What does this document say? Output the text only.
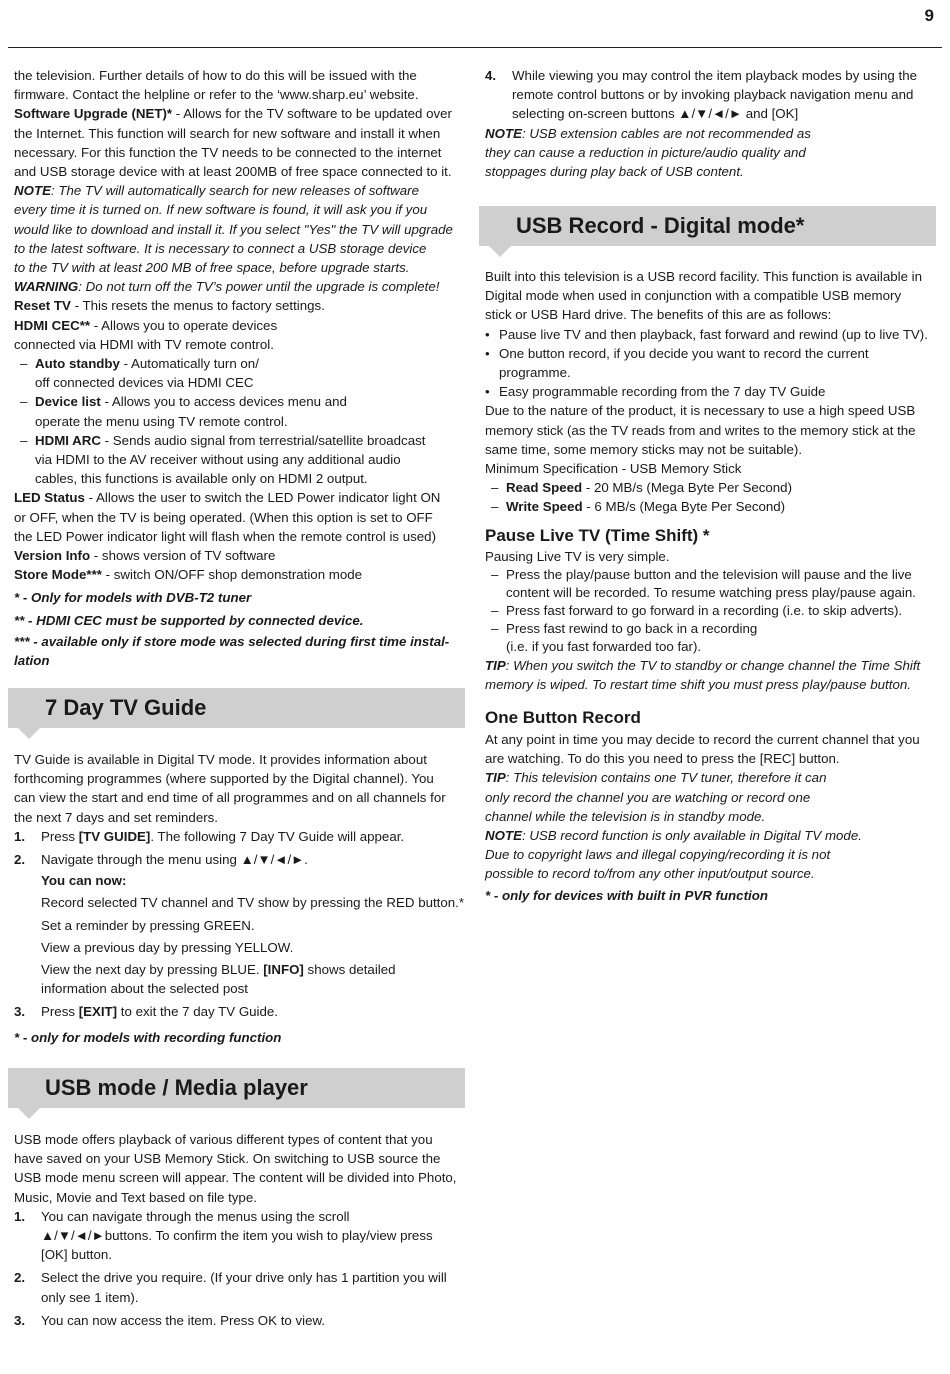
9

the television. Further details of how to do this will be issued with the

firmware. Contact the helpline or refer to the ‘www.sharp.eu’ website.

Software Upgrade (NET)* - Allows for the TV software to be updated over

the Internet. This function will search for new software and install it when

necessary. For this function the TV needs to be connected to the internet

and USB storage device with at least 200MB of free space connected to it.

NOTE: The TV will automatically search for new releases of software

every time it is turned on. If new software is found, it will ask you if you

would like to download and install it. If you select "Yes" the TV will upgrade

to the latest software. It is necessary to connect a USB storage device

to the TV with at least 200 MB of free space, before upgrade starts.

WARNING: Do not turn off the TV’s power until the upgrade is complete!

Reset TV - This resets the menus to factory settings.

HDMI CEC** - Allows you to operate devices

connected via HDMI with TV remote control.

– Auto standby - Automatically turn on/

off connected devices via HDMI CEC

– Device list - Allows you to access devices menu and

operate the menu using TV remote control.

– HDMI ARC - Sends audio signal from terrestrial/satellite broadcast

via HDMI to the AV receiver without using any additional audio

cables, this functions is available only on HDMI 2 output.

LED Status - Allows the user to switch the LED Power indicator light ON

or OFF, when the TV is being operated. (When this option is set to OFF

the LED Power indicator light will flash when the remote control is used)

Version Info - shows version of TV software

Store Mode*** - switch ON/OFF shop demonstration mode

* - Only for models with DVB-T2 tuner

** - HDMI CEC must be supported by connected device.

*** - available only if store mode was selected during first time instal-

lation

7 Day TV Guide

TV Guide is available in Digital TV mode. It provides information about

forthcoming programmes (where supported by the Digital channel). You

can view the start and end time of all programmes and on all channels for

the next 7 days and set reminders.

1. Press [TV GUIDE]. The following 7 Day TV Guide will appear.

2. Navigate through the menu using ▲/▼/◄/►.

You can now:

Record selected TV channel and TV show by pressing the RED button.*

Set a reminder by pressing GREEN.

View a previous day by pressing YELLOW.

View the next day by pressing BLUE. [INFO] shows detailed

information about the selected post

3. Press [EXIT] to exit the 7 day TV Guide.

* - only for models with recording function

USB mode / Media player

USB mode offers playback of various different types of content that you

have saved on your USB Memory Stick. On switching to USB source the

USB mode menu screen will appear. The content will be divided into Photo,

Music, Movie and Text based on file type.

1. You can navigate through the menus using the scroll

▲/▼/◄/►buttons. To confirm the item you wish to play/view press

[OK] button.

2. Select the drive you require. (If your drive only has 1 partition you will

only see 1 item).

3. You can now access the item. Press OK to view.

4. While viewing you may control the item playback modes by using the

remote control buttons or by invoking playback navigation menu and

selecting on-screen buttons ▲/▼/◄/► and [OK]

NOTE: USB extension cables are not recommended as

they can cause a reduction in picture/audio quality and

stoppages during play back of USB content.

USB Record - Digital mode*

Built into this television is a USB record facility. This function is available in

Digital mode when used in conjunction with a compatible USB memory

stick or USB Hard drive. The benefits of this are as follows:

• Pause live TV and then playback, fast forward and rewind (up to live TV).

• One button record, if you decide you want to record the current

programme.

• Easy programmable recording from the 7 day TV Guide

Due to the nature of the product, it is necessary to use a high speed USB

memory stick (as the TV reads from and writes to the memory stick at the

same time, some memory sticks may not be suitable).

Minimum Specification - USB Memory Stick

– Read Speed - 20 MB/s (Mega Byte Per Second)

– Write Speed - 6 MB/s (Mega Byte Per Second)

Pause Live TV (Time Shift) *

Pausing Live TV is very simple.

– Press the play/pause button and the television will pause and the live

content will be recorded. To resume watching press play/pause again.

– Press fast forward to go forward in a recording (i.e. to skip adverts).

– Press fast rewind to go back in a recording

(i.e. if you fast forwarded too far).

TIP: When you switch the TV to standby or change channel the Time Shift

memory is wiped. To restart time shift you must press play/pause button.

One Button Record

At any point in time you may decide to record the current channel that you

are watching. To do this you need to press the [REC] button.

TIP: This television contains one TV tuner, therefore it can

only record the channel you are watching or record one

channel while the television is in standby mode.

NOTE: USB record function is only available in Digital TV mode.

Due to copyright laws and illegal copying/recording it is not

possible to record to/from any other input/output source.

* - only for devices with built in PVR function
